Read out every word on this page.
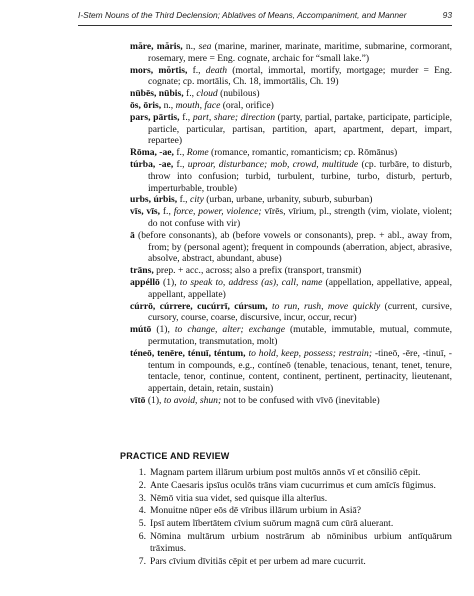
I-Stem Nouns of the Third Declension; Ablatives of Means, Accompaniment, and Manner	93

măre, măris, n., sea (marine, mariner, marinate, maritime, submarine, cormorant, rosemary, mere = Eng. cognate, archaic for “small lake.”)

mors, mŏrtis, f., death (mortal, immortal, mortify, mortgage; murder = Eng. cognate; cp. mortālis, Ch. 18, immortālis, Ch. 19)

nūbēs, nūbis, f., cloud (nubilous)

ōs, ōris, n., mouth, face (oral, orifice)

pars, pārtis, f., part, share; direction (party, partial, partake, participate, participle, particle, particular, partisan, partition, apart, apartment, depart, impart, repartee)

Rōma, -ae, f., Rome (romance, romantic, romanticism; cp. Rōmānus)

túrba, -ae, f., uproar, disturbance; mob, crowd, multitude (cp. turbāre, to disturb, throw into confusion; turbid, turbulent, turbine, turbo, disturb, perturb, imperturbable, trouble)

urbs, úrbis, f., city (urban, urbane, urbanity, suburb, suburban)

vīs, vīs, f., force, power, violence; vīrēs, vīrium, pl., strength (vim, violate, violent; do not confuse with vir)

ā (before consonants), ab (before vowels or consonants), prep. + abl., away from, from; by (personal agent); frequent in compounds (aberration, abject, abrasive, absolve, abstract, abundant, abuse)

trāns, prep. + acc., across; also a prefix (transport, transmit)

appéllō (1), to speak to, address (as), call, name (appellation, appellative, appeal, appellant, appellate)

cúrrō, cúrrere, cucúrrī, cúrsum, to run, rush, move quickly (current, cursive, cursory, course, coarse, discursive, incur, occur, recur)

mútō (1), to change, alter; exchange (mutable, immutable, mutual, commute, permutation, transmutation, molt)

téneō, tenēre, ténuī, téntum, to hold, keep, possess; restrain; -tineō, -ēre, -tinuī, -tentum in compounds, e.g., contíneō (tenable, tenacious, tenant, tenet, tenure, tentacle, tenor, continue, content, continent, pertinent, pertinacity, lieutenant, appertain, detain, retain, sustain)

vītō (1), to avoid, shun; not to be confused with vīvō (inevitable)

PRACTICE AND REVIEW
1. Magnam partem illārum urbium post multōs annōs vī et cōnsiliō cēpit.
2. Ante Caesaris ipsīus oculōs trāns viam cucurrimus et cum amīcīs fūgimus.
3. Nēmō vitia sua videt, sed quisque illa alterīus.
4. Monuitne nūper eōs dē vīribus illārum urbium in Asiā?
5. Ipsī autem lībertātem cīvium suōrum magnā cum cūrā aluerant.
6. Nōmina multārum urbium nostrārum ab nōminibus urbium antīquārum trāximus.
7. Pars cīvium dīvitiās cēpit et per urbem ad mare cucurrit.
